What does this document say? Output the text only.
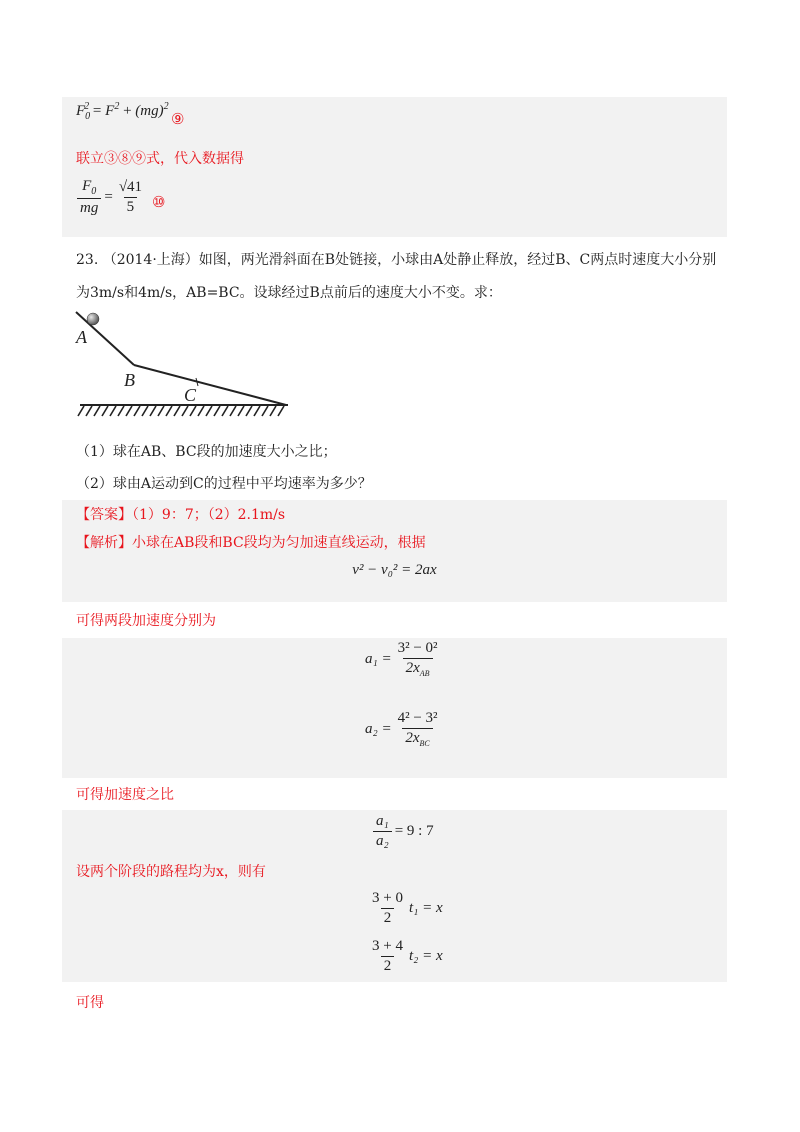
$F_0^2 = F^2 + (mg)^2$
⑨
联立③⑧⑨式，代入数据得
$\frac{F_0}{mg} = \frac{√41}{5}$ ⑩
23. （2014·上海）如图，两光滑斜面在B处链接，小球由A处静止释放，经过B、C两点时速度大小分别
为3m/s和4m/s，AB=BC。设球经过B点前后的速度大小不变。求：
A
B
C
（1）球在AB、BC段的加速度大小之比；
（2）球由A运动到C的过程中平均速率为多少？
【答案】（1）9：7；（2）2.1m/s
【解析】小球在AB段和BC段均为匀加速直线运动，根据
v² − v₀² = 2ax
可得两段加速度分别为
$a_1 = \frac{\text{3² − 0²}}{2x_{AB}}$
$a_2 = \frac{\text{4² − 3²}}{2x_{BC}}$
可得加速度之比
$\frac{\text{a₁}}{\text{a₂}} = 9$ : 7
设两个阶段的路程均为x，则有
$\frac{3 + 0}{2} t_1 = x$
$\frac{3 + 4}{2} t_2 = x$
可得
